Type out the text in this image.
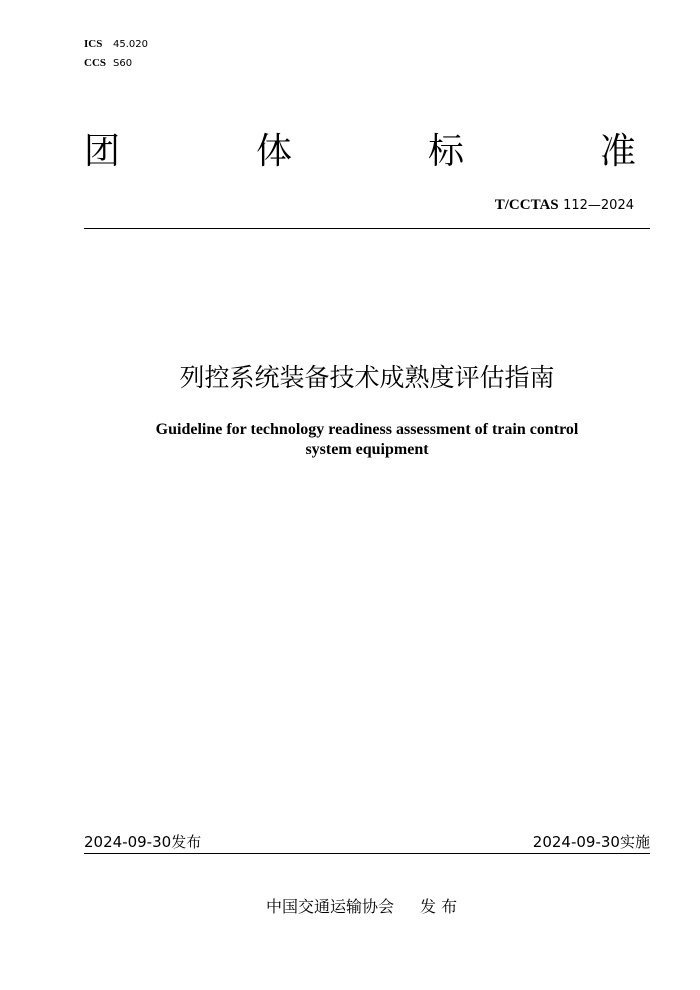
ICS 45.020
CCS S60
团	体	标	准
T/CCTAS 112—2024
列控系统装备技术成熟度评估指南
Guideline for technology readiness assessment of train control
system equipment
2024-09-30发布	2024-09-30实施
中国交通运输协会 发 布
